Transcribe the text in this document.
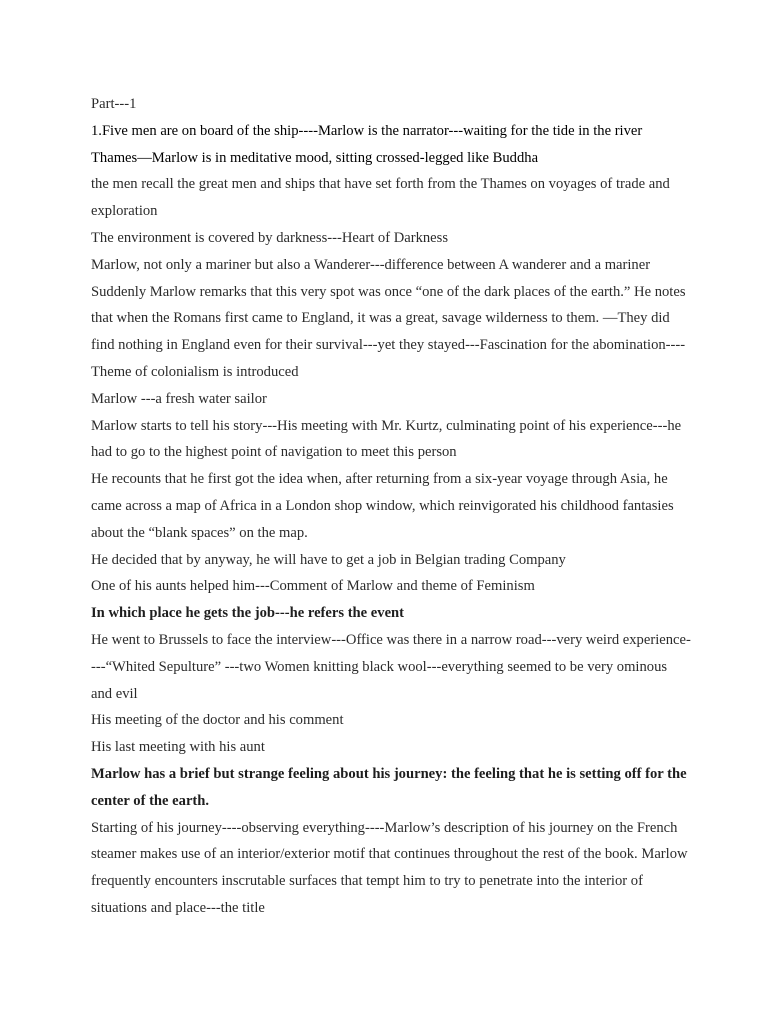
Part---1

1.Five men are on board of the ship----Marlow is the narrator---waiting for the tide in the river Thames—Marlow is in meditative mood, sitting crossed-legged like Buddha

the men recall the great men and ships that have set forth from the Thames on voyages of trade and exploration

The environment is covered by darkness---Heart of Darkness

Marlow, not only a mariner but also a Wanderer---difference between A wanderer and a mariner

Suddenly Marlow remarks that this very spot was once “one of the dark places of the earth.” He notes that when the Romans first came to England, it was a great, savage wilderness to them. —They did find nothing in England even for their survival---yet they stayed---Fascination for the abomination----Theme of colonialism is introduced

Marlow ---a fresh water sailor

Marlow starts to tell his story---His meeting with Mr. Kurtz, culminating point of his experience---he had to go to the highest point of navigation to meet this person

He recounts that he first got the idea when, after returning from a six-year voyage through Asia, he came across a map of Africa in a London shop window, which reinvigorated his childhood fantasies about the “blank spaces” on the map.

He decided that by anyway, he will have to get a job in Belgian trading Company

One of his aunts helped him---Comment of Marlow and theme of Feminism

In which place he gets the job---he refers the event

He went to Brussels to face the interview---Office was there in a narrow road---very weird experience----“Whited Sepulture” ---two Women knitting black wool---everything seemed to be very ominous and evil

His meeting of the doctor and his comment

His last meeting with his aunt

Marlow has a brief but strange feeling about his journey: the feeling that he is setting off for the center of the earth.

Starting of his journey----observing everything----Marlow’s description of his journey on the French steamer makes use of an interior/exterior motif that continues throughout the rest of the book. Marlow frequently encounters inscrutable surfaces that tempt him to try to penetrate into the interior of situations and place---the title
